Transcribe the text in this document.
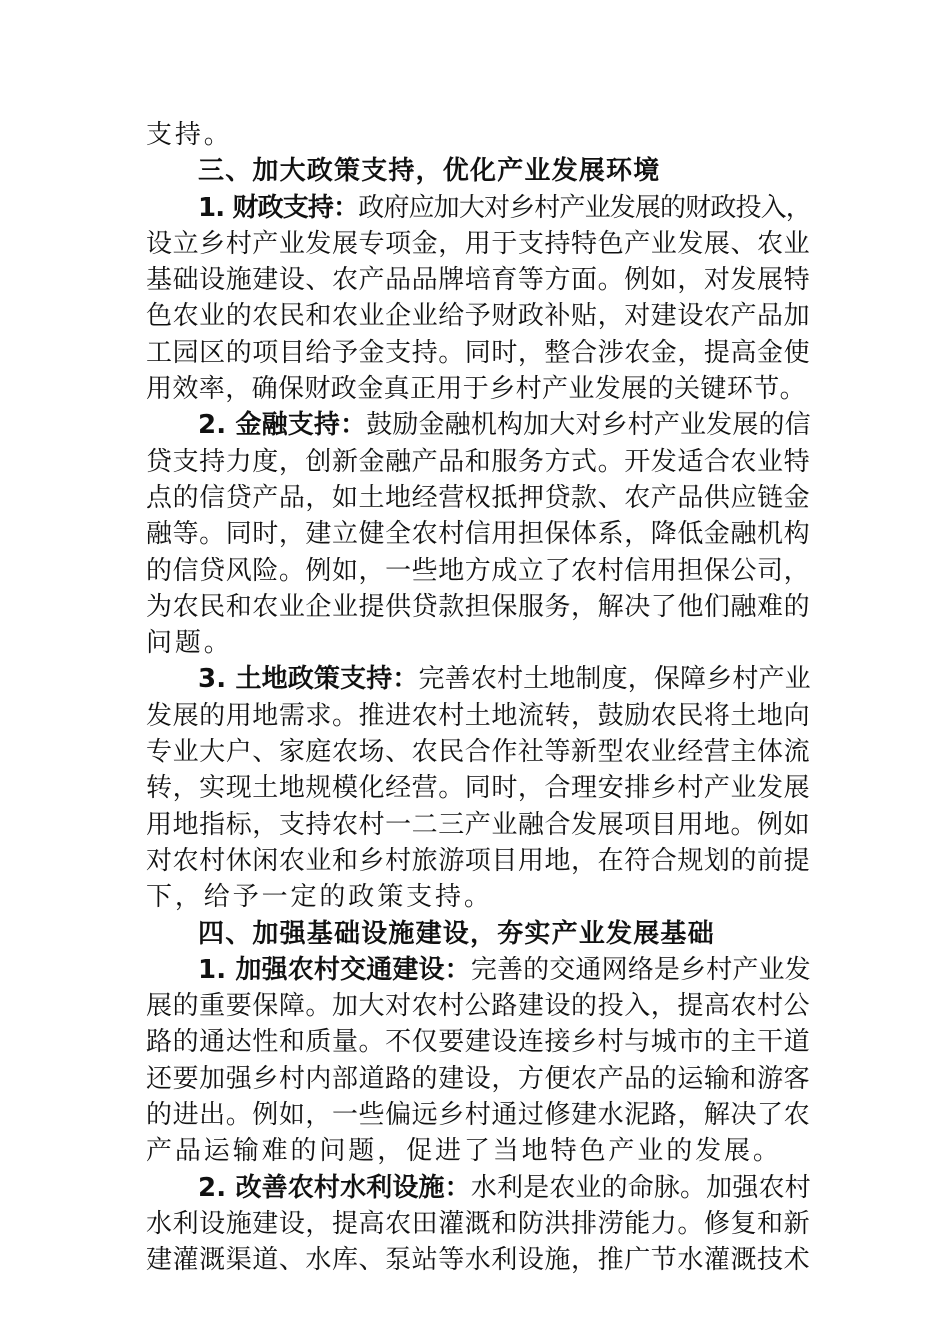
支持。
三、加大政策支持，优化产业发展环境
1. 财政支持：政府应加大对乡村产业发展的财政投入，
设立乡村产业发展专项金，用于支持特色产业发展、农业
基础设施建设、农产品品牌培育等方面。例如，对发展特
色农业的农民和农业企业给予财政补贴，对建设农产品加
工园区的项目给予金支持。同时，整合涉农金，提高金使
用效率，确保财政金真正用于乡村产业发展的关键环节。
2. 金融支持：鼓励金融机构加大对乡村产业发展的信
贷支持力度，创新金融产品和服务方式。开发适合农业特
点的信贷产品，如土地经营权抵押贷款、农产品供应链金
融等。同时，建立健全农村信用担保体系，降低金融机构
的信贷风险。例如，一些地方成立了农村信用担保公司，
为农民和农业企业提供贷款担保服务，解决了他们融难的
问题。
3. 土地政策支持：完善农村土地制度，保障乡村产业
发展的用地需求。推进农村土地流转，鼓励农民将土地向
专业大户、家庭农场、农民合作社等新型农业经营主体流
转，实现土地规模化经营。同时，合理安排乡村产业发展
用地指标，支持农村一二三产业融合发展项目用地。例如
对农村休闲农业和乡村旅游项目用地，在符合规划的前提
下，给予一定的政策支持。
四、加强基础设施建设，夯实产业发展基础
1. 加强农村交通建设：完善的交通网络是乡村产业发
展的重要保障。加大对农村公路建设的投入，提高农村公
路的通达性和质量。不仅要建设连接乡村与城市的主干道
还要加强乡村内部道路的建设，方便农产品的运输和游客
的进出。例如，一些偏远乡村通过修建水泥路，解决了农
产品运输难的问题，促进了当地特色产业的发展。
2. 改善农村水利设施：水利是农业的命脉。加强农村
水利设施建设，提高农田灌溉和防洪排涝能力。修复和新
建灌溉渠道、水库、泵站等水利设施，推广节水灌溉技术
